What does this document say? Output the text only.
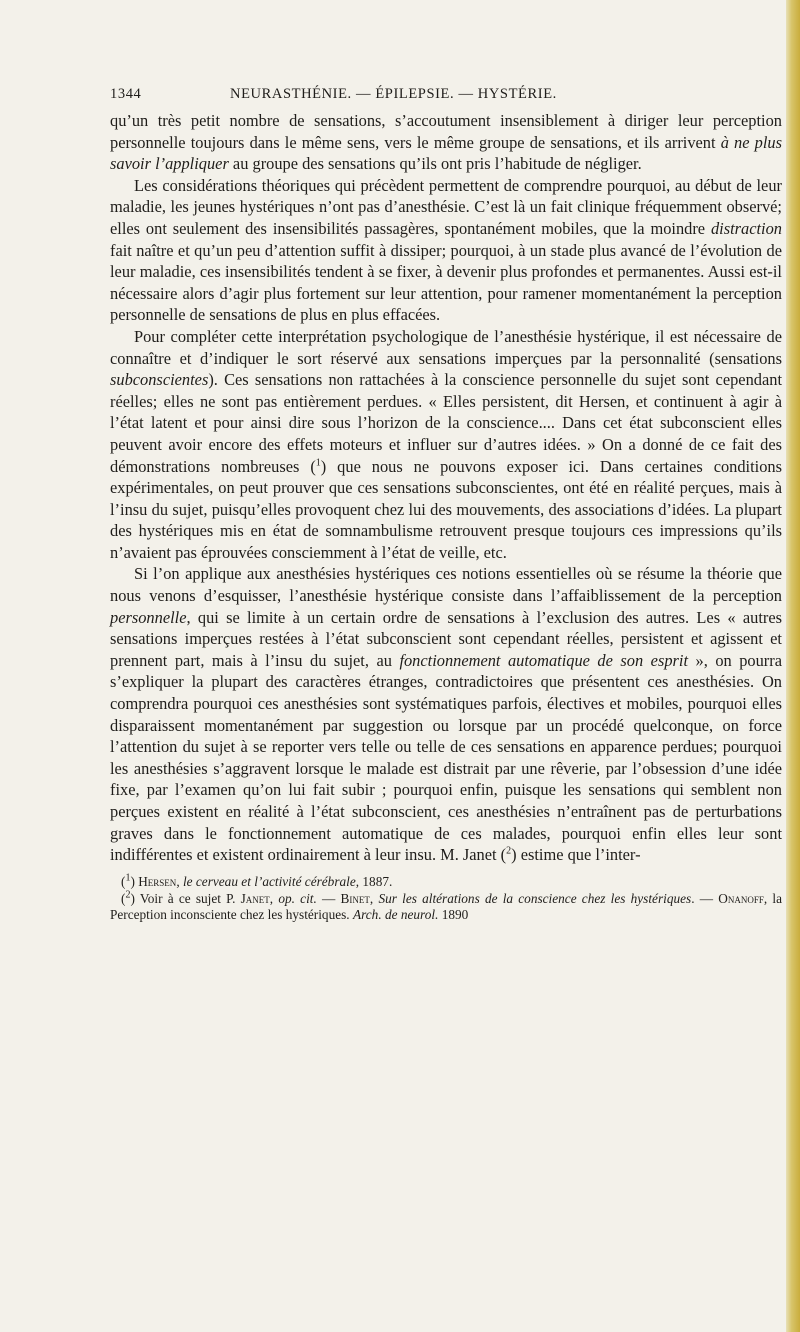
1344	NEURASTHÉNIE. — ÉPILEPSIE. — HYSTÉRIE.

qu’un très petit nombre de sensations, s’accoutument insensiblement à diriger leur perception personnelle toujours dans le même sens, vers le même groupe de sensations, et ils arrivent à ne plus savoir l’appliquer au groupe des sensations qu’ils ont pris l’habitude de négliger.

Les considérations théoriques qui précèdent permettent de comprendre pourquoi, au début de leur maladie, les jeunes hystériques n’ont pas d’anesthésie. C’est là un fait clinique fréquemment observé; elles ont seulement des insensibilités passagères, spontanément mobiles, que la moindre distraction fait naître et qu’un peu d’attention suffit à dissiper; pourquoi, à un stade plus avancé de l’évolution de leur maladie, ces insensibilités tendent à se fixer, à devenir plus profondes et permanentes. Aussi est-il nécessaire alors d’agir plus fortement sur leur attention, pour ramener momentanément la perception personnelle de sensations de plus en plus effacées.

Pour compléter cette interprétation psychologique de l’anesthésie hystérique, il est nécessaire de connaître et d’indiquer le sort réservé aux sensations imperçues par la personnalité (sensations subconscientes). Ces sensations non rattachées à la conscience personnelle du sujet sont cependant réelles; elles ne sont pas entièrement perdues. « Elles persistent, dit Hersen, et continuent à agir à l’état latent et pour ainsi dire sous l’horizon de la conscience.... Dans cet état subconscient elles peuvent avoir encore des effets moteurs et influer sur d’autres idées. » On a donné de ce fait des démonstrations nombreuses ($^1$) que nous ne pouvons exposer ici. Dans certaines conditions expérimentales, on peut prouver que ces sensations subconscientes, ont été en réalité perçues, mais à l’insu du sujet, puisqu’elles provoquent chez lui des mouvements, des associations d’idées. La plupart des hystériques mis en état de somnambulisme retrouvent presque toujours ces impressions qu’ils n’avaient pas éprouvées consciemment à l’état de veille, etc.

Si l’on applique aux anesthésies hystériques ces notions essentielles où se résume la théorie que nous venons d’esquisser, l’anesthésie hystérique consiste dans l’affaiblissement de la perception personnelle, qui se limite à un certain ordre de sensations à l’exclusion des autres. Les « autres sensations imperçues restées à l’état subconscient sont cependant réelles, persistent et agissent et prennent part, mais à l’insu du sujet, au fonctionnement automatique de son esprit », on pourra s’expliquer la plupart des caractères étranges, contradictoires que présentent ces anesthésies. On comprendra pourquoi ces anesthésies sont systématiques parfois, électives et mobiles, pourquoi elles disparaissent momentanément par suggestion ou lorsque par un procédé quelconque, on force l’attention du sujet à se reporter vers telle ou telle de ces sensations en apparence perdues; pourquoi les anesthésies s’aggravent lorsque le malade est distrait par une rêverie, par l’obsession d’une idée fixe, par l’examen qu’on lui fait subir ; pourquoi enfin, puisque les sensations qui semblent non perçues existent en réalité à l’état subconscient, ces anesthésies n’entraînent pas de perturbations graves dans le fonctionnement automatique de ces malades, pourquoi enfin elles leur sont indifférentes et existent ordinairement à leur insu. M. Janet ($^2$) estime que l’inter-

($^1$) Hersen, le cerveau et l’activité cérébrale, 1887.

($^2$) Voir à ce sujet P. Janet, op. cit. — Binet, Sur les altérations de la conscience chez les hystériques. — Onanoff, la Perception inconsciente chez les hystériques. Arch. de neurol. 1890
